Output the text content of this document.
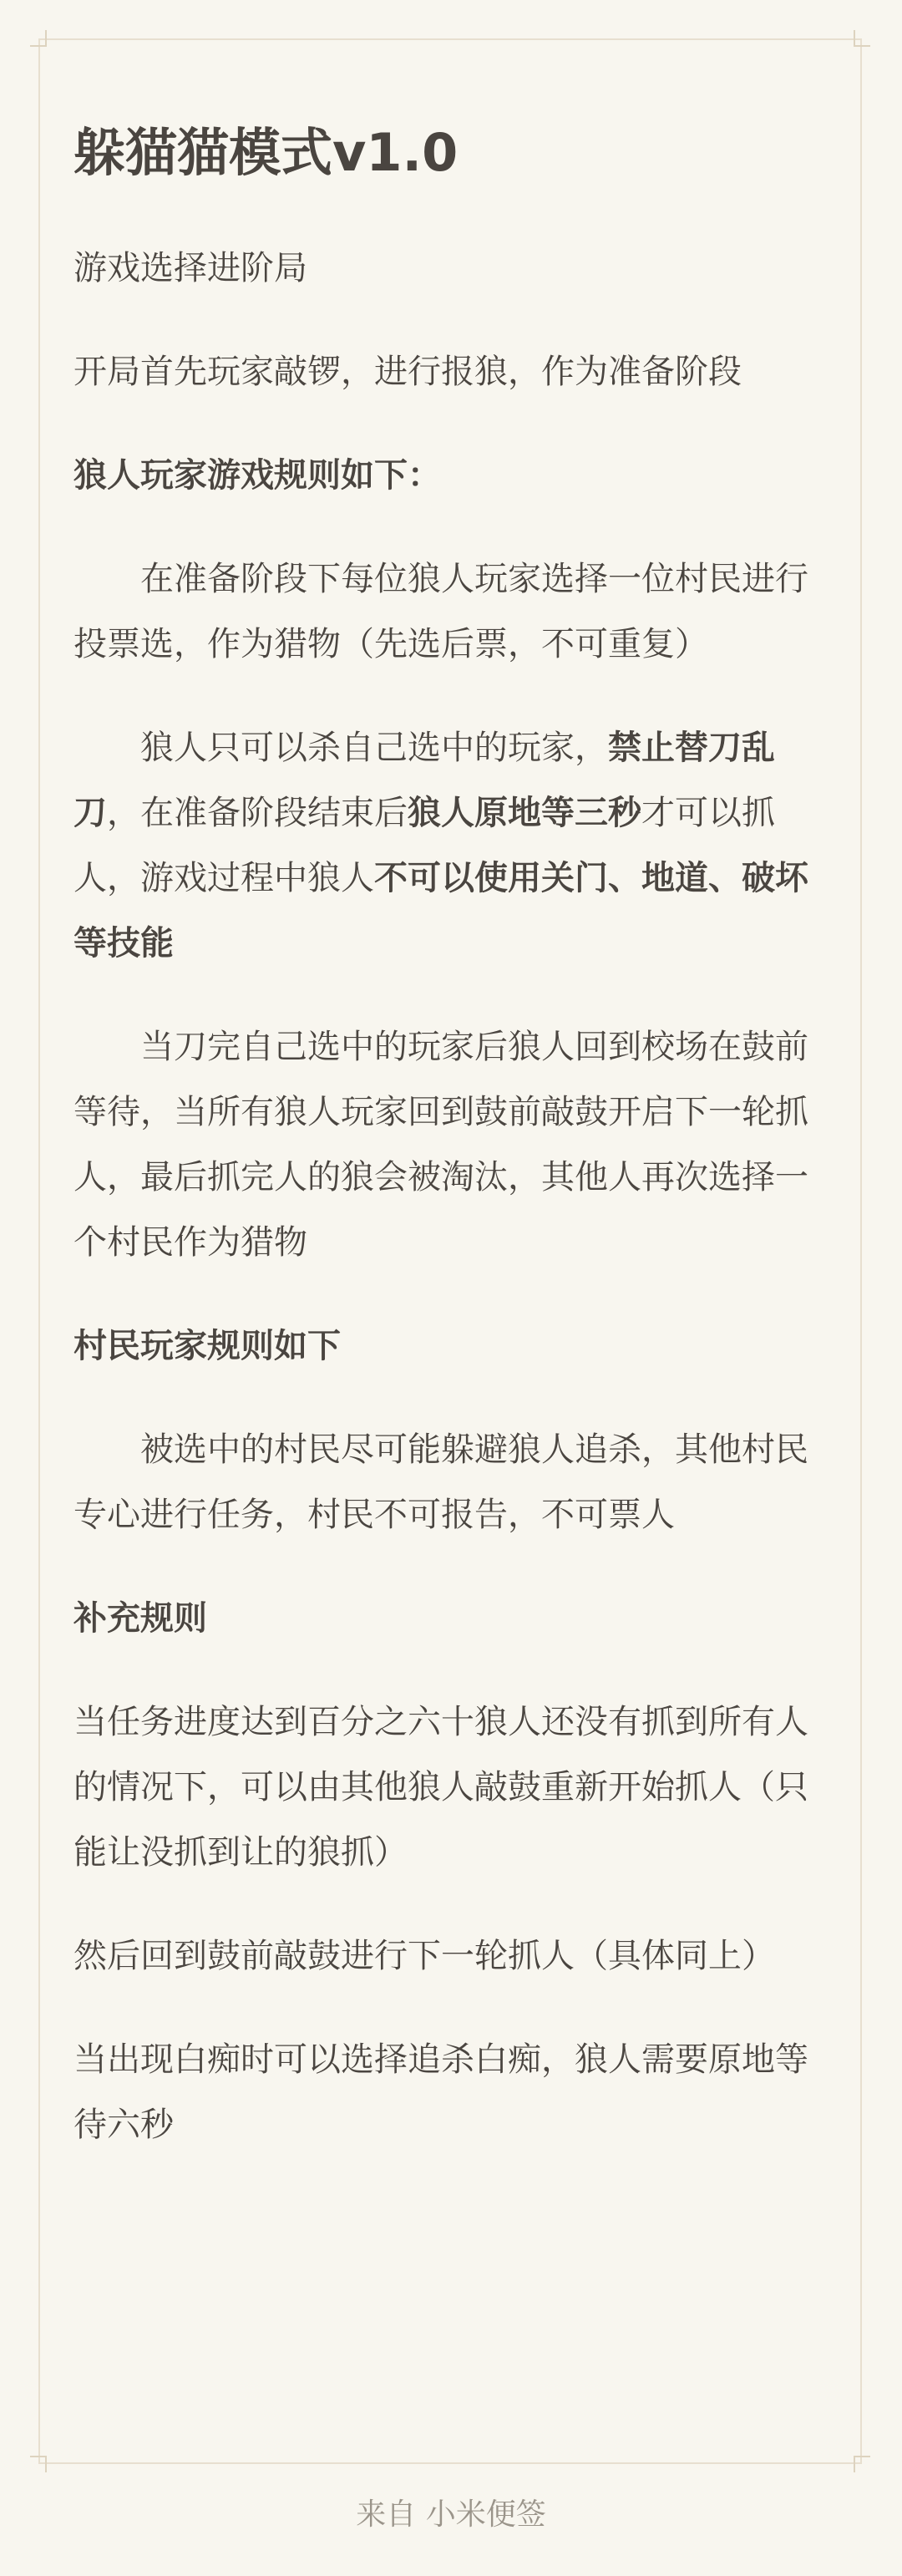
躲猫猫模式v1.0

游戏选择进阶局

开局首先玩家敲锣，进行报狼，作为准备阶段

狼人玩家游戏规则如下：

在准备阶段下每位狼人玩家选择一位村民进行投票选，作为猎物（先选后票，不可重复）

狼人只可以杀自己选中的玩家，禁止替刀乱刀，在准备阶段结束后狼人原地等三秒才可以抓人，游戏过程中狼人不可以使用关门、地道、破坏等技能

当刀完自己选中的玩家后狼人回到校场在鼓前等待，当所有狼人玩家回到鼓前敲鼓开启下一轮抓人，最后抓完人的狼会被淘汰，其他人再次选择一个村民作为猎物

村民玩家规则如下

被选中的村民尽可能躲避狼人追杀，其他村民专心进行任务，村民不可报告，不可票人

补充规则

当任务进度达到百分之六十狼人还没有抓到所有人的情况下，可以由其他狼人敲鼓重新开始抓人（只能让没抓到让的狼抓）

然后回到鼓前敲鼓进行下一轮抓人（具体同上）

当出现白痴时可以选择追杀白痴，狼人需要原地等待六秒

来自 小米便签
